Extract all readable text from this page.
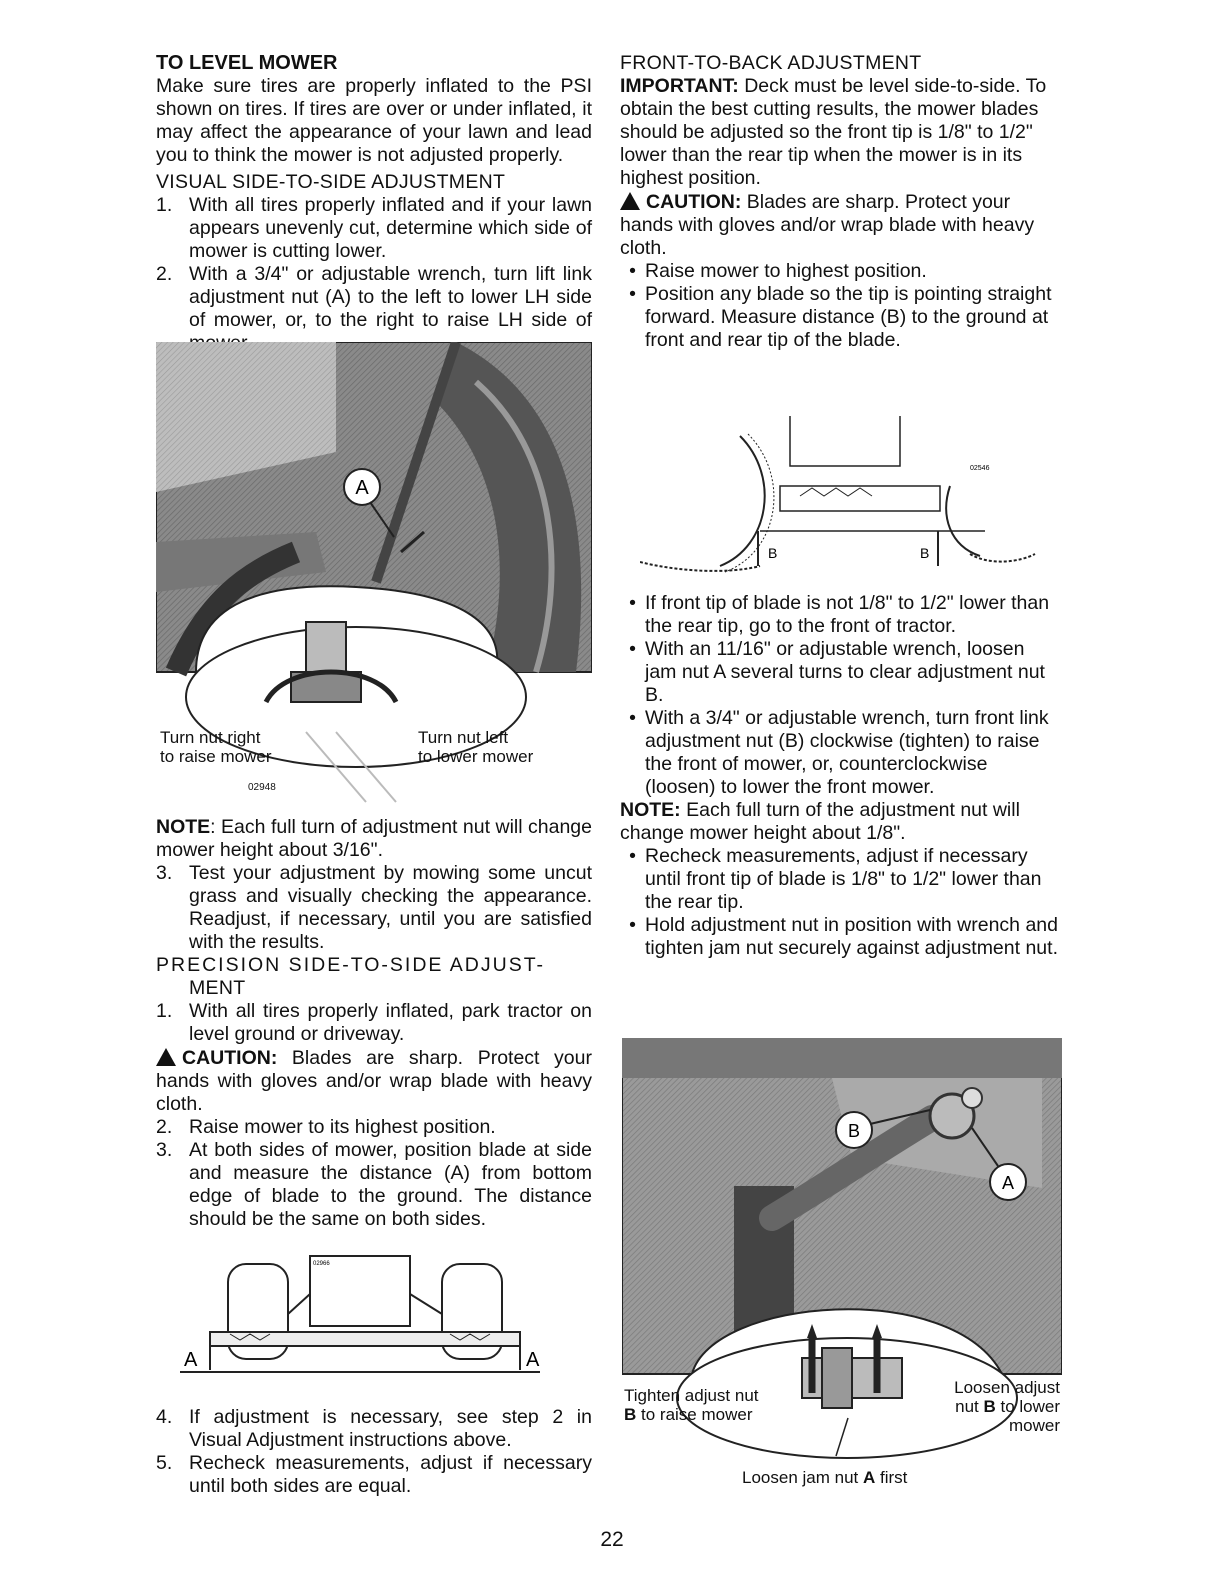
TO LEVEL MOWER

Make sure tires are properly inflated to the PSI shown on tires. If tires are over or under inflated, it may affect the appearance of your lawn and lead you to think the mower is not adjusted properly.

VISUAL SIDE-TO-SIDE ADJUSTMENT

1. With all tires properly inflated and if your lawn appears unevenly cut, determine which side of mower is cutting lower.
2. With a 3/4" or adjustable wrench, turn lift link adjustment nut (A) to the left to lower LH side of mower, or, to the right to raise LH side of
A
Turn nut right
to raise mower
Turn nut left
to lower mower
02948

NOTE: Each full turn of adjustment nut will change mower height about 3/16".

3. Test your adjustment by mowing some uncut grass and visually checking the appearance. Readjust, if necessary, until you are satisfied with the results.

PRECISION SIDE-TO-SIDE ADJUST-

MENT

1. With all tires properly inflated, park tractor on level ground or driveway.

CAUTION: Blades are sharp. Protect your hands with gloves and/or wrap blade with heavy cloth.

2. Raise mower to its highest position.
3. At both sides of mower, position blade at side and measure the distance (A) from bottom edge of blade to the ground. The distance should be the same on both sides.
A	A
02966
4. If adjustment is necessary, see step 2 in Visual Adjustment instructions above.
5. Recheck measurements, adjust if necessary until both sides are equal.

FRONT-TO-BACK ADJUSTMENT

IMPORTANT: Deck must be level side-to-side. To obtain the best cutting results, the mower blades should be adjusted so the front tip is 1/8" to 1/2" lower than the rear tip when the mower is in its highest position.

CAUTION: Blades are sharp. Protect your hands with gloves and/or wrap blade with heavy cloth.

• Raise mower to highest position.
• Position any blade so the tip is pointing straight forward. Measure distance (B) to the ground at front and rear tip of the blade.
B	B
02546
• If front tip of blade is not 1/8" to 1/2" lower than the rear tip, go to the front of tractor.
• With an 11/16" or adjustable wrench, loosen jam nut A several turns to clear adjustment nut B.
• With a 3/4" or adjustable wrench, turn front link adjustment nut (B) clockwise (tighten) to raise the front of mower, or, counterclockwise (loosen) to lower the front mower.

NOTE: Each full turn of the adjustment nut will change mower height about 1/8".

• Recheck measurements, adjust if necessary until front tip of blade is 1/8" to 1/2" lower than the rear tip.
• Hold adjustment nut in position with wrench and tighten jam nut securely against adjustment nut.
B
A
Tighten adjust nut
B to raise mower
Loosen adjust
nut B to lower
mower
Loosen jam nut A first
22
